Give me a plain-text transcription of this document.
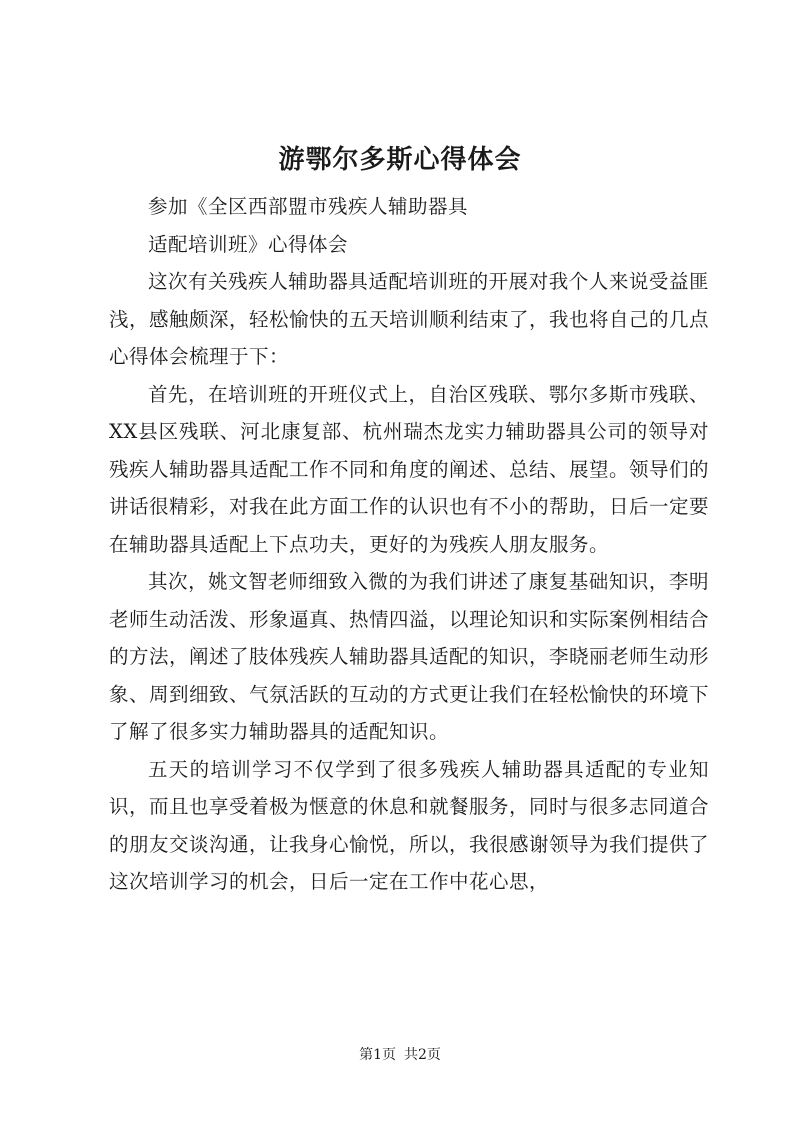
游鄂尔多斯心得体会

参加《全区西部盟市残疾人辅助器具

适配培训班》心得体会

这次有关残疾人辅助器具适配培训班的开展对我个人来说受益匪浅，感触颇深，轻松愉快的五天培训顺利结束了，我也将自己的几点心得体会梳理于下：

首先，在培训班的开班仪式上，自治区残联、鄂尔多斯市残联、XX县区残联、河北康复部、杭州瑞杰龙实力辅助器具公司的领导对残疾人辅助器具适配工作不同和角度的阐述、总结、展望。领导们的讲话很精彩，对我在此方面工作的认识也有不小的帮助，日后一定要在辅助器具适配上下点功夫，更好的为残疾人朋友服务。

其次，姚文智老师细致入微的为我们讲述了康复基础知识，李明老师生动活泼、形象逼真、热情四溢，以理论知识和实际案例相结合的方法，阐述了肢体残疾人辅助器具适配的知识，李晓丽老师生动形象、周到细致、气氛活跃的互动的方式更让我们在轻松愉快的环境下了解了很多实力辅助器具的适配知识。

五天的培训学习不仅学到了很多残疾人辅助器具适配的专业知识，而且也享受着极为惬意的休息和就餐服务，同时与很多志同道合的朋友交谈沟通，让我身心愉悦，所以，我很感谢领导为我们提供了这次培训学习的机会，日后一定在工作中花心思，

第1页 共2页
